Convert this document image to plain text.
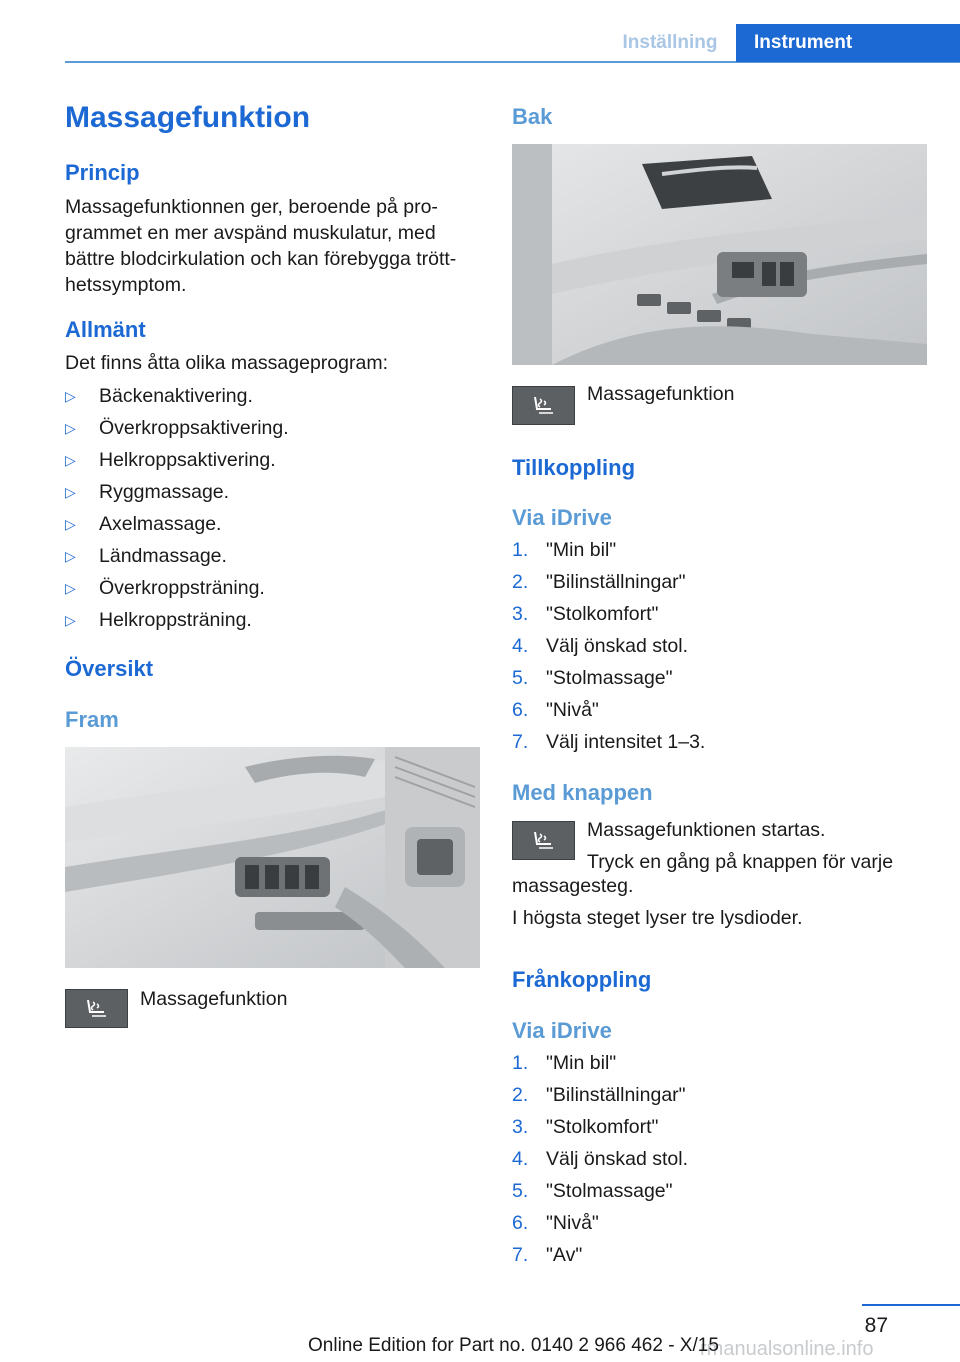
Inställning	Instrument
Massagefunktion
Princip
Massagefunktionnen ger, beroende på pro‐
grammet en mer avspänd muskulatur, med
bättre blodcirkulation och kan förebygga trött‐
hetssymptom.
Allmänt
Det finns åtta olika massageprogram:
▷ Bäckenaktivering.
▷ Överkroppsaktivering.
▷ Helkroppsaktivering.
▷ Ryggmassage.
▷ Axelmassage.
▷ Ländmassage.
▷ Överkroppsträning.
▷ Helkroppsträning.
Översikt
Fram
Massagefunktion
Bak
Massagefunktion
Tillkoppling
Via iDrive
1. "Min bil"
2. "Bilinställningar"
3. "Stolkomfort"
4. Välj önskad stol.
5. "Stolmassage"
6. "Nivå"
7. Välj intensitet 1–3.
Med knappen
Massagefunktionen startas.
Tryck en gång på knappen för varje
massagesteg.
I högsta steget lyser tre lysdioder.
Frånkoppling
Via iDrive
1. "Min bil"
2. "Bilinställningar"
3. "Stolkomfort"
4. Välj önskad stol.
5. "Stolmassage"
6. "Nivå"
7. "Av"
87
rmanualsonline.info
Online Edition for Part no. 0140 2 966 462 - X/15
